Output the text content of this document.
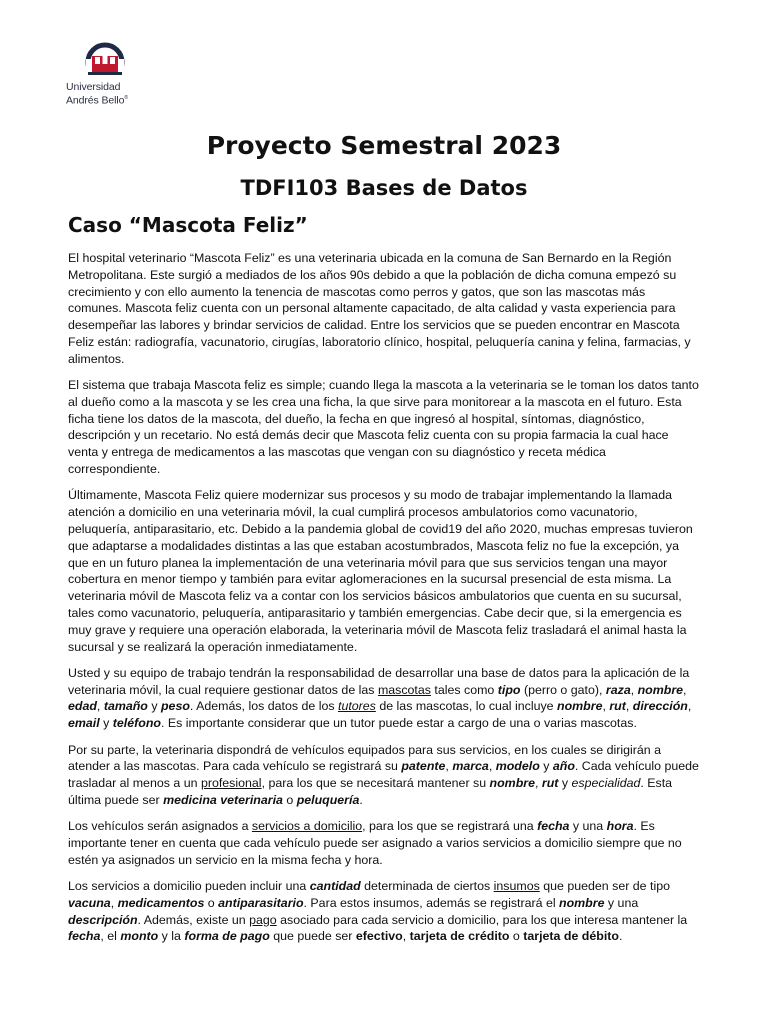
Universidad
Andrés Bello®
Proyecto Semestral 2023
TDFI103 Bases de Datos
Caso “Mascota Feliz”

El hospital veterinario “Mascota Feliz” es una veterinaria ubicada en la comuna de San Bernardo en la Región Metropolitana. Este surgió a mediados de los años 90s debido a que la población de dicha comuna empezó su crecimiento y con ello aumento la tenencia de mascotas como perros y gatos, que son las mascotas más comunes. Mascota feliz cuenta con un personal altamente capacitado, de alta calidad y vasta experiencia para desempeñar las labores y brindar servicios de calidad. Entre los servicios que se pueden encontrar en Mascota Feliz están: radiografía, vacunatorio, cirugías, laboratorio clínico, hospital, peluquería canina y felina, farmacias, y alimentos.

El sistema que trabaja Mascota feliz es simple; cuando llega la mascota a la veterinaria se le toman los datos tanto al dueño como a la mascota y se les crea una ficha, la que sirve para monitorear a la mascota en el futuro. Esta ficha tiene los datos de la mascota, del dueño, la fecha en que ingresó al hospital, síntomas, diagnóstico, descripción y un recetario. No está demás decir que Mascota feliz cuenta con su propia farmacia la cual hace venta y entrega de medicamentos a las mascotas que vengan con su diagnóstico y receta médica correspondiente.

Últimamente, Mascota Feliz quiere modernizar sus procesos y su modo de trabajar implementando la llamada atención a domicilio en una veterinaria móvil, la cual cumplirá procesos ambulatorios como vacunatorio, peluquería, antiparasitario, etc. Debido a la pandemia global de covid19 del año 2020, muchas empresas tuvieron que adaptarse a modalidades distintas a las que estaban acostumbrados, Mascota feliz no fue la excepción, ya que en un futuro planea la implementación de una veterinaria móvil para que sus servicios tengan una mayor cobertura en menor tiempo y también para evitar aglomeraciones en la sucursal presencial de esta misma. La veterinaria móvil de Mascota feliz va a contar con los servicios básicos ambulatorios que cuenta en su sucursal, tales como vacunatorio, peluquería, antiparasitario y también emergencias. Cabe decir que, si la emergencia es muy grave y requiere una operación elaborada, la veterinaria móvil de Mascota feliz trasladará el animal hasta la sucursal y se realizará la operación inmediatamente.

Usted y su equipo de trabajo tendrán la responsabilidad de desarrollar una base de datos para la aplicación de la veterinaria móvil, la cual requiere gestionar datos de las mascotas tales como tipo (perro o gato), raza, nombre, edad, tamaño y peso. Además, los datos de los tutores de las mascotas, lo cual incluye nombre, rut, dirección, email y teléfono. Es importante considerar que un tutor puede estar a cargo de una o varias mascotas.

Por su parte, la veterinaria dispondrá de vehículos equipados para sus servicios, en los cuales se dirigirán a atender a las mascotas. Para cada vehículo se registrará su patente, marca, modelo y año. Cada vehículo puede trasladar al menos a un profesional, para los que se necesitará mantener su nombre, rut y especialidad. Esta última puede ser medicina veterinaria o peluquería.

Los vehículos serán asignados a servicios a domicilio, para los que se registrará una fecha y una hora. Es importante tener en cuenta que cada vehículo puede ser asignado a varios servicios a domicilio siempre que no estén ya asignados un servicio en la misma fecha y hora.

Los servicios a domicilio pueden incluir una cantidad determinada de ciertos insumos que pueden ser de tipo vacuna, medicamentos o antiparasitario. Para estos insumos, además se registrará el nombre y una descripción. Además, existe un pago asociado para cada servicio a domicilio, para los que interesa mantener la fecha, el monto y la forma de pago que puede ser efectivo, tarjeta de crédito o tarjeta de débito.
